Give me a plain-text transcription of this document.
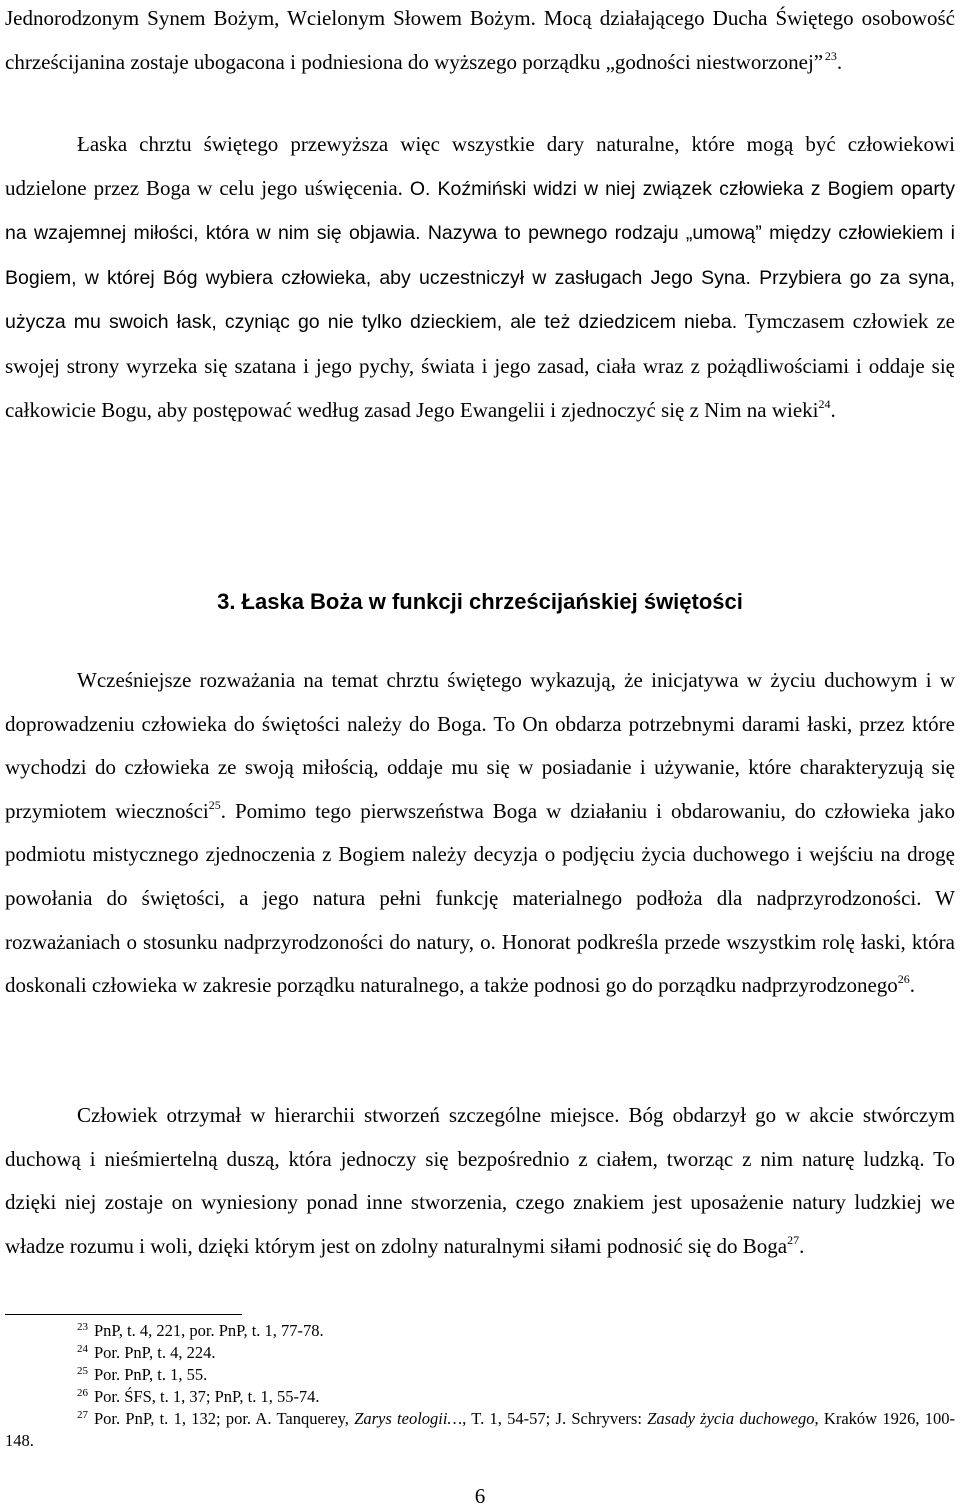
Jednorodzonym Synem Bożym, Wcielonym Słowem Bożym. Mocą działającego Ducha Świętego osobowość chrześcijanina zostaje ubogacona i podniesiona do wyższego porządku „godności niestworzonej”  $^{23}$.

Łaska chrztu świętego przewyższa więc wszystkie dary naturalne, które mogą być człowiekowi udzielone przez Boga w celu jego uświęcenia. O. Koźmiński widzi w niej związek człowieka z Bogiem oparty na wzajemnej miłości, która w nim się objawia. Nazywa to pewnego rodzaju „umową” między człowiekiem i Bogiem, w której Bóg wybiera człowieka, aby uczestniczył w zasługach Jego Syna. Przybiera go za syna, użycza mu swoich łask, czyniąc go nie tylko dzieckiem, ale też dziedzicem nieba. Tymczasem człowiek ze swojej strony wyrzeka się szatana i jego pychy, świata i jego zasad, ciała wraz z pożądliwościami i oddaje się całkowicie Bogu, aby postępować według zasad Jego Ewangelii i zjednoczyć się z Nim na wieki$^{24}$.

3. Łaska Boża w funkcji chrześcijańskiej świętości

Wcześniejsze rozważania na temat chrztu świętego wykazują, że inicjatywa w życiu duchowym i w doprowadzeniu człowieka do świętości należy do Boga. To On obdarza potrzebnymi darami łaski, przez które wychodzi do człowieka ze swoją miłością, oddaje mu się w posiadanie i używanie, które charakteryzują się przymiotem wieczności$^{25}$. Pomimo tego pierwszeństwa Boga w działaniu i obdarowaniu, do człowieka jako podmiotu mistycznego zjednoczenia z Bogiem należy decyzja o podjęciu życia duchowego i wejściu na drogę powołania do świętości, a jego natura pełni funkcję materialnego podłoża dla nadprzyrodzoności. W rozważaniach o stosunku nadprzyrodzoności do natury, o. Honorat podkreśla przede wszystkim rolę łaski, która doskonali człowieka w zakresie porządku naturalnego, a także podnosi go do porządku nadprzyrodzonego$^{26}$.

Człowiek otrzymał w hierarchii stworzeń szczególne miejsce. Bóg obdarzył go w akcie stwórczym duchową i nieśmiertelną duszą, która jednoczy się bezpośrednio z ciałem, tworząc z nim naturę ludzką. To dzięki niej zostaje on wyniesiony ponad inne stworzenia, czego znakiem jest uposażenie natury ludzkiej we władze rozumu i woli, dzięki którym jest on zdolny naturalnymi siłami podnosić się do Boga$^{27}$.

$^{23}$ PnP, t. 4, 221, por. PnP, t. 1, 77-78.

$^{24}$ Por. PnP, t. 4, 224.

$^{25}$ Por. PnP, t. 1, 55.

$^{26}$ Por. ŚFS, t. 1, 37; PnP, t. 1, 55-74.

$^{27}$ Por. PnP, t. 1, 132; por. A. Tanquerey, Zarys teologii…, T. 1, 54-57; J. Schryvers: Zasady życia duchowego, Kraków 1926, 100-148.

6
